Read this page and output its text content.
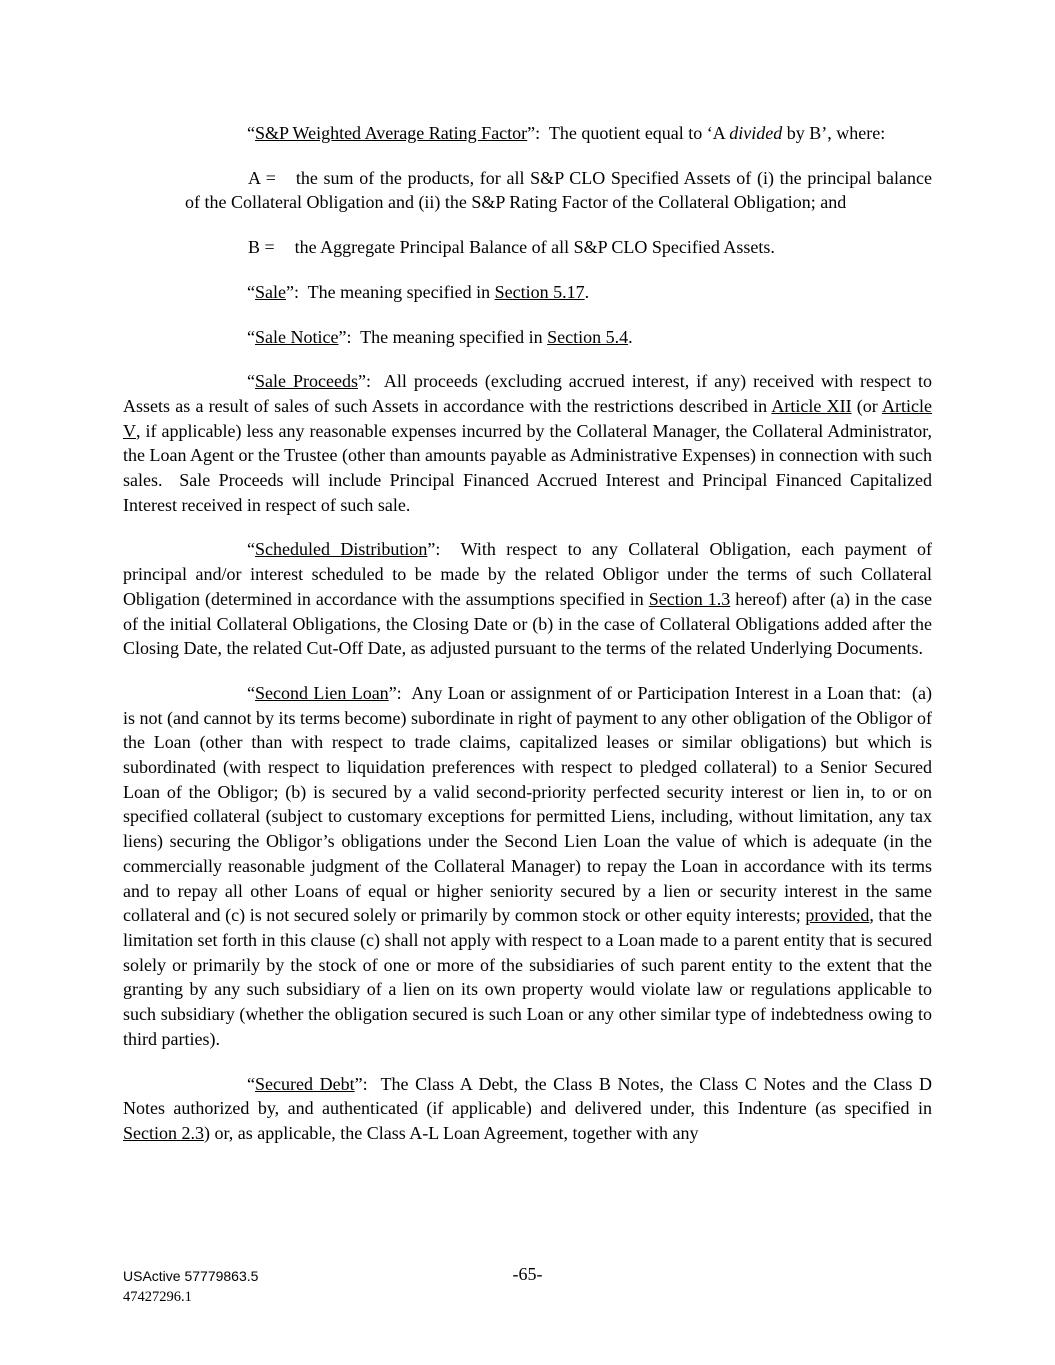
“S&P Weighted Average Rating Factor”:  The quotient equal to ‘A divided by B’, where:

A = the sum of the products, for all S&P CLO Specified Assets of (i) the principal balance of the Collateral Obligation and (ii) the S&P Rating Factor of the Collateral Obligation; and

B = the Aggregate Principal Balance of all S&P CLO Specified Assets.

“Sale”:  The meaning specified in Section 5.17.

“Sale Notice”:  The meaning specified in Section 5.4.

“Sale Proceeds”:  All proceeds (excluding accrued interest, if any) received with respect to Assets as a result of sales of such Assets in accordance with the restrictions described in Article XII (or Article V, if applicable) less any reasonable expenses incurred by the Collateral Manager, the Collateral Administrator, the Loan Agent or the Trustee (other than amounts payable as Administrative Expenses) in connection with such sales.  Sale Proceeds will include Principal Financed Accrued Interest and Principal Financed Capitalized Interest received in respect of such sale.

“Scheduled Distribution”:  With respect to any Collateral Obligation, each payment of principal and/or interest scheduled to be made by the related Obligor under the terms of such Collateral Obligation (determined in accordance with the assumptions specified in Section 1.3 hereof) after (a) in the case of the initial Collateral Obligations, the Closing Date or (b) in the case of Collateral Obligations added after the Closing Date, the related Cut-Off Date, as adjusted pursuant to the terms of the related Underlying Documents.

“Second Lien Loan”:  Any Loan or assignment of or Participation Interest in a Loan that:  (a) is not (and cannot by its terms become) subordinate in right of payment to any other obligation of the Obligor of the Loan (other than with respect to trade claims, capitalized leases or similar obligations) but which is subordinated (with respect to liquidation preferences with respect to pledged collateral) to a Senior Secured Loan of the Obligor; (b) is secured by a valid second-priority perfected security interest or lien in, to or on specified collateral (subject to customary exceptions for permitted Liens, including, without limitation, any tax liens) securing the Obligor’s obligations under the Second Lien Loan the value of which is adequate (in the commercially reasonable judgment of the Collateral Manager) to repay the Loan in accordance with its terms and to repay all other Loans of equal or higher seniority secured by a lien or security interest in the same collateral and (c) is not secured solely or primarily by common stock or other equity interests; provided, that the limitation set forth in this clause (c) shall not apply with respect to a Loan made to a parent entity that is secured solely or primarily by the stock of one or more of the subsidiaries of such parent entity to the extent that the granting by any such subsidiary of a lien on its own property would violate law or regulations applicable to such subsidiary (whether the obligation secured is such Loan or any other similar type of indebtedness owing to third parties).

“Secured Debt”:  The Class A Debt, the Class B Notes, the Class C Notes and the Class D Notes authorized by, and authenticated (if applicable) and delivered under, this Indenture (as specified in Section 2.3) or, as applicable, the Class A-L Loan Agreement, together with any

USActive 57779863.5
47427296.1
-65-
